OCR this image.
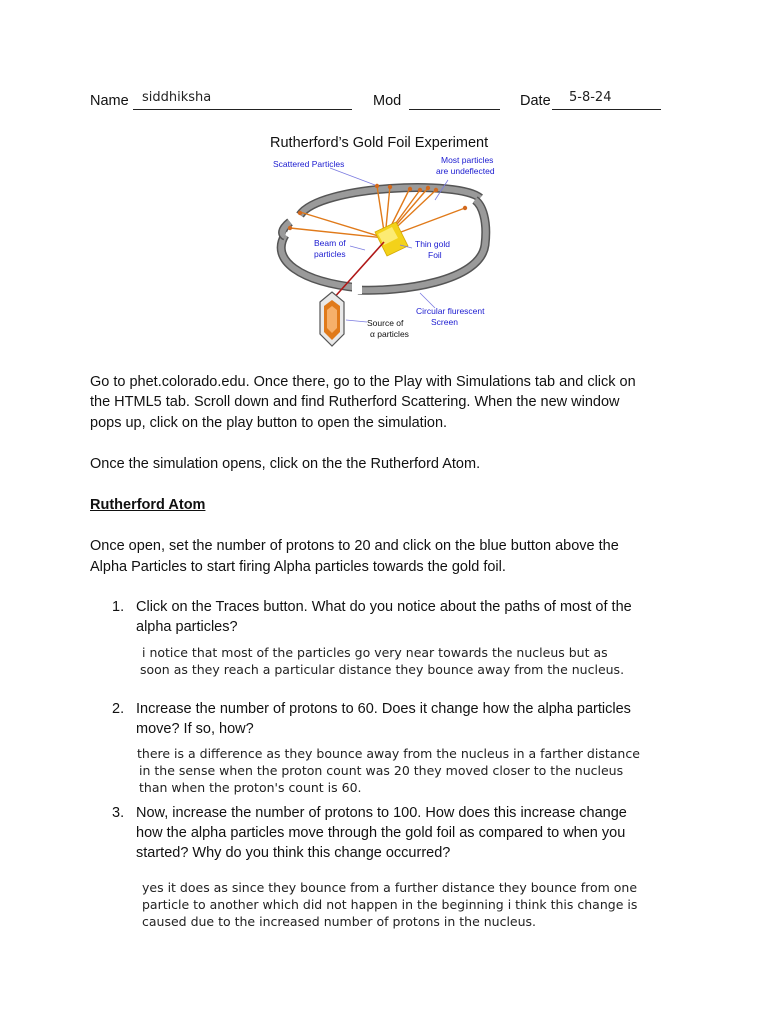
Name siddhiksha	Mod	Date 5-8-24
Rutherford’s Gold Foil Experiment
Scattered Particles	Most particles
are undeflected
Beam of
particles
Thin gold
Foil
Circular flurescent
Screen
Source of
α particles
Go to phet.colorado.edu. Once there, go to the Play with Simulations tab and click on
the HTML5 tab. Scroll down and find Rutherford Scattering. When the new window
pops up, click on the play button to open the simulation.
Once the simulation opens, click on the the Rutherford Atom.
Rutherford Atom
Once open, set the number of protons to 20 and click on the blue button above the
Alpha Particles to start firing Alpha particles towards the gold foil.
1. Click on the Traces button. What do you notice about the paths of most of the
alpha particles?
i notice that most of the particles go very near towards the nucleus but as
soon as they reach a particular distance they bounce away from the nucleus.
2. Increase the number of protons to 60. Does it change how the alpha particles
move? If so, how?
there is a difference as they bounce away from the nucleus in a farther distance
in the sense when the proton count was 20 they moved closer to the nucleus
than when the proton's count is 60.
3. Now, increase the number of protons to 100. How does this increase change
how the alpha particles move through the gold foil as compared to when you
started? Why do you think this change occurred?
yes it does as since they bounce from a further distance they bounce from one
particle to another which did not happen in the beginning i think this change is
caused due to the increased number of protons in the nucleus.
